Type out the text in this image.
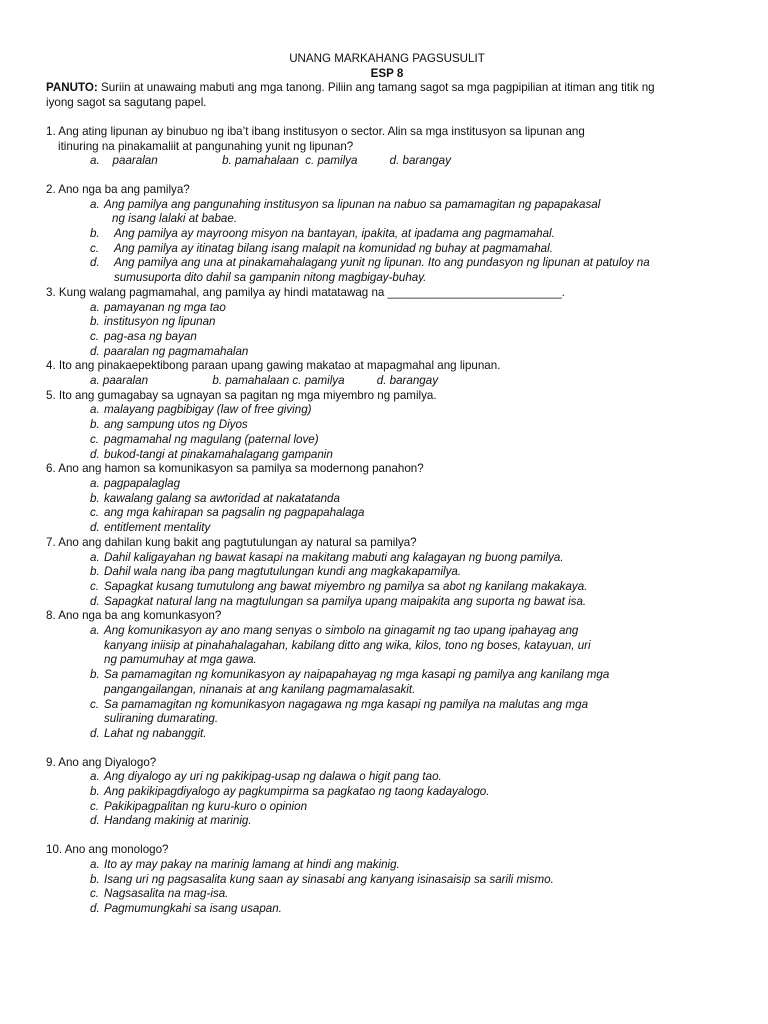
UNANG MARKAHANG PAGSUSULIT

ESP 8

PANUTO: Suriin at unawaing mabuti ang mga tanong. Piliin ang tamang sagot sa mga pagpipilian at itiman ang titik ng
iyong sagot sa sagutang papel.

1. Ang ating lipunan ay binubuo ng iba’t ibang institusyon o sector. Alin sa mga institusyon sa lipunan ang
itinuring na pinakamaliit at pangunahing yunit ng lipunan?

a.    paaralan                    b. pamahalaan  c. pamilya          d. barangay

2. Ano nga ba ang pamilya?

a. Ang pamilya ang pangunahing institusyon sa lipunan na nabuo sa pamamagitan ng papapakasal
ng isang lalaki at babae.
b.	Ang pamilya ay mayroong misyon na bantayan, ipakita, at ipadama ang pagmamahal.
c.	Ang pamilya ay itinatag bilang isang malapit na komunidad ng buhay at pagmamahal.
d.	Ang pamilya ang una at pinakamahalagang yunit ng lipunan. Ito ang pundasyon ng lipunan at patuloy na
sumusuporta dito dahil sa gampanin nitong magbigay-buhay.

3. Kung walang pagmamahal, ang pamilya ay hindi matatawag na ___________________________.

a. pamayanan ng mga tao
b. institusyon ng lipunan
c. pag-asa ng bayan
d. paaralan ng pagmamahalan

4. Ito ang pinakaepektibong paraan upang gawing makatao at mapagmahal ang lipunan.

a. paaralan                    b. pamahalaan c. pamilya          d. barangay

5. Ito ang gumagabay sa ugnayan sa pagitan ng mga miyembro ng pamilya.

a. malayang pagbibigay (law of free giving)
b. ang sampung utos ng Diyos
c. pagmamahal ng magulang (paternal love)
d. bukod-tangi at pinakamahalagang gampanin

6. Ano ang hamon sa komunikasyon sa pamilya sa modernong panahon?

a. pagpapalaglag
b. kawalang galang sa awtoridad at nakatatanda
c. ang mga kahirapan sa pagsalin ng pagpapahalaga
d. entitlement mentality

7. Ano ang dahilan kung bakit ang pagtutulungan ay natural sa pamilya?

a. Dahil kaligayahan ng bawat kasapi na makitang mabuti ang kalagayan ng buong pamilya.
b. Dahil wala nang iba pang magtutulungan kundi ang magkakapamilya.
c. Sapagkat kusang tumutulong ang bawat miyembro ng pamilya sa abot ng kanilang makakaya.
d. Sapagkat natural lang na magtulungan sa pamilya upang maipakita ang suporta ng bawat isa.

8. Ano nga ba ang komunkasyon?

a. Ang komunikasyon ay ano mang senyas o simbolo na ginagamit ng tao upang ipahayag ang
kanyang iniisip at pinahahalagahan, kabilang ditto ang wika, kilos, tono ng boses, katayuan, uri
ng pamumuhay at mga gawa.
b. Sa pamamagitan ng komunikasyon ay naipapahayag ng mga kasapi ng pamilya ang kanilang mga
pangangailangan, ninanais at ang kanilang pagmamalasakit.
c. Sa pamamagitan ng komunikasyon nagagawa ng mga kasapi ng pamilya na malutas ang mga
suliraning dumarating.
d. Lahat ng nabanggit.

9. Ano ang Diyalogo?

a. Ang diyalogo ay uri ng pakikipag-usap ng dalawa o higit pang tao.
b. Ang pakikipagdiyalogo ay pagkumpirma sa pagkatao ng taong kadayalogo.
c. Pakikipagpalitan ng kuru-kuro o opinion
d. Handang makinig at marinig.

10. Ano ang monologo?

a. Ito ay may pakay na marinig lamang at hindi ang makinig.
b. Isang uri ng pagsasalita kung saan ay sinasabi ang kanyang isinasaisip sa sarili mismo.
c. Nagsasalita na mag-isa.
d. Pagmumungkahi sa isang usapan.
